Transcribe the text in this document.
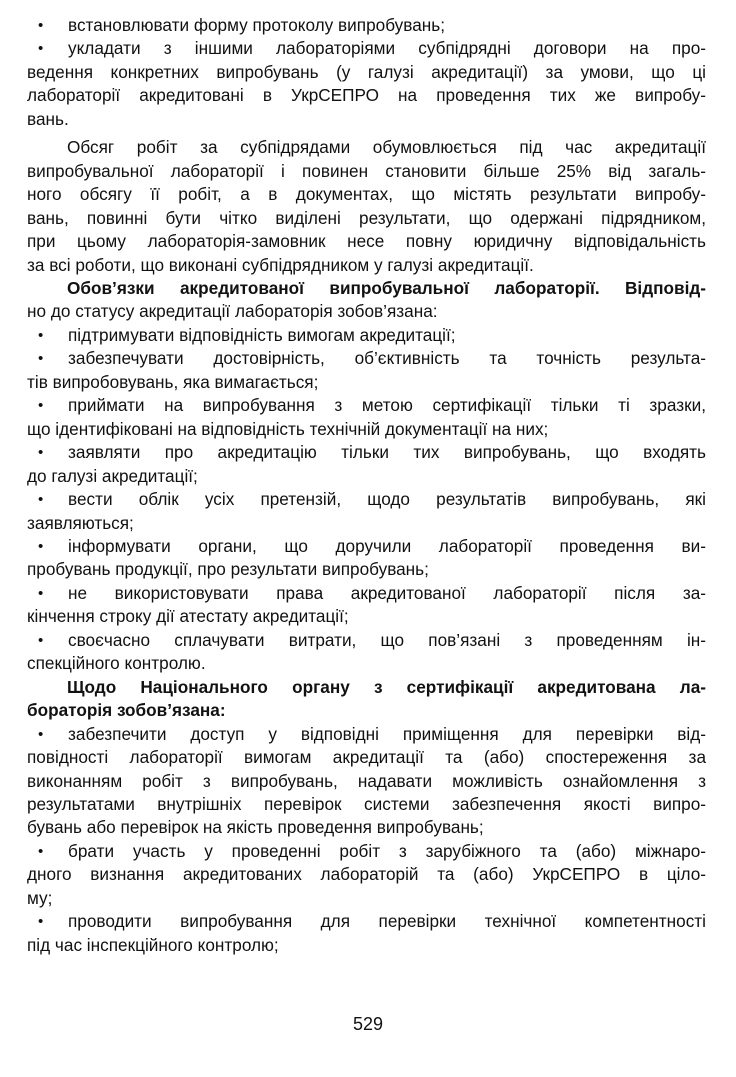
• встановлювати форму протоколу випробувань;
• укладати з іншими лабораторіями субпідрядні договори на про-
ведення конкретних випробувань (у галузі акредитації) за умови, що ці
лабораторії акредитовані в УкрСЕПРО на проведення тих же випробу-
вань.
Обсяг робіт за субпідрядами обумовлюється під час акредитації
випробувальної лабораторії і повинен становити більше 25% від загаль-
ного обсягу її робіт, а в документах, що містять результати випробу-
вань, повинні бути чітко виділені результати, що одержані підрядником,
при цьому лабораторія-замовник несе повну юридичну відповідальність
за всі роботи, що виконані субпідрядником у галузі акредитації.
Обов’язки акредитованої випробувальної лабораторії. Відповід-
но до статусу акредитації лабораторія зобов’язана:
• підтримувати відповідність вимогам акредитації;
• забезпечувати достовірність, об’єктивність та точність результа-
тів випробовувань, яка вимагається;
• приймати на випробування з метою сертифікації тільки ті зразки,
що ідентифіковані на відповідність технічній документації на них;
• заявляти про акредитацію тільки тих випробувань, що входять
до галузі акредитації;
• вести облік усіх претензій, щодо результатів випробувань, які
заявляються;
• інформувати органи, що доручили лабораторії проведення ви-
пробувань продукції, про результати випробувань;
• не використовувати права акредитованої лабораторії після за-
кінчення строку дії атестату акредитації;
• своєчасно сплачувати витрати, що пов’язані з проведенням ін-
спекційного контролю.
Щодо Національного органу з сертифікації акредитована ла-
бораторія зобов’язана:
• забезпечити доступ у відповідні приміщення для перевірки від-
повідності лабораторії вимогам акредитації та (або) спостереження за
виконанням робіт з випробувань, надавати можливість ознайомлення з
результатами внутрішніх перевірок системи забезпечення якості випро-
бувань або перевірок на якість проведення випробувань;
• брати участь у проведенні робіт з зарубіжного та (або) міжнаро-
дного визнання акредитованих лабораторій та (або) УкрСЕПРО в ціло-
му;
• проводити випробування для перевірки технічної компетентності
під час інспекційного контролю;
529
